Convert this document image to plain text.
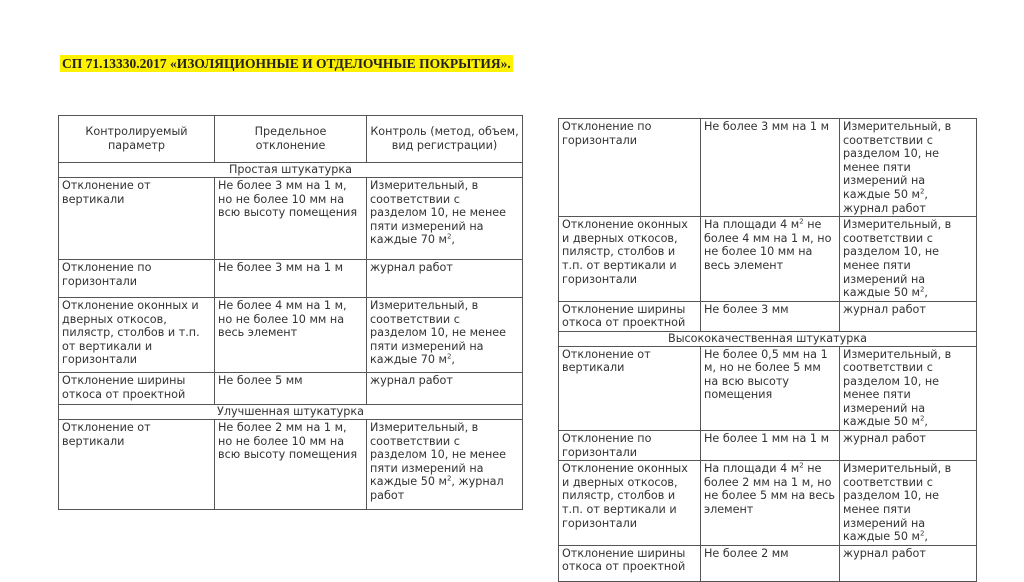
СП 71.13330.2017 «ИЗОЛЯЦИОННЫЕ И ОТДЕЛОЧНЫЕ ПОКРЫТИЯ».
Контролируемый параметр	Предельное отклонение	Контроль (метод, объем, вид регистрации)
Простая штукатурка		
Отклонение от вертикали	Не более 3 мм на 1 м, но не более 10 мм на всю высоту помещения	Измерительный, в соответствии с разделом 10, не менее пяти измерений на каждые 70 $м^2$,
Отклонение по горизонтали	Не более 3 мм на 1 м	журнал работ
Отклонение оконных и дверных откосов, пилястр, столбов и т.п. от вертикали и горизонтали	Не более 4 мм на 1 м, но не более 10 мм на весь элемент	Измерительный, в соответствии с разделом 10, не менее пяти измерений на каждые 70 $м^2$,
Отклонение ширины откоса от проектной	Не более 5 мм	журнал работ
Улучшенная штукатурка		
Отклонение от вертикали	Не более 2 мм на 1 м, но не более 10 мм на всю высоту помещения	Измерительный, в соответствии с разделом 10, не менее пяти измерений на каждые 50 $м^2$, журнал работ
Отклонение по горизонтали	Не более 3 мм на 1 м	Измерительный, в соответствии с разделом 10, не менее пяти измерений на каждые 50 $м^2$, журнал работ
Отклонение оконных и дверных откосов, пилястр, столбов и т.п. от вертикали и горизонтали	На площади 4 $м^2$ не более 4 мм на 1 м, но не более 10 мм на весь элемент	Измерительный, в соответствии с разделом 10, не менее пяти измерений на каждые 50 $м^2$,
Отклонение ширины откоса от проектной	Не более 3 мм	журнал работ
Высококачественная штукатурка		
Отклонение от вертикали	Не более 0,5 мм на 1 м, но не более 5 мм на всю высоту помещения	Измерительный, в соответствии с разделом 10, не менее пяти измерений на каждые 50 $м^2$,
Отклонение по горизонтали	Не более 1 мм на 1 м	журнал работ
Отклонение оконных и дверных откосов, пилястр, столбов и т.п. от вертикали и горизонтали	На площади 4 $м^2$ не более 2 мм на 1 м, но не более 5 мм на весь элемент	Измерительный, в соответствии с разделом 10, не менее пяти измерений на каждые 50 $м^2$,
Отклонение ширины откоса от проектной	Не более 2 мм	журнал работ
